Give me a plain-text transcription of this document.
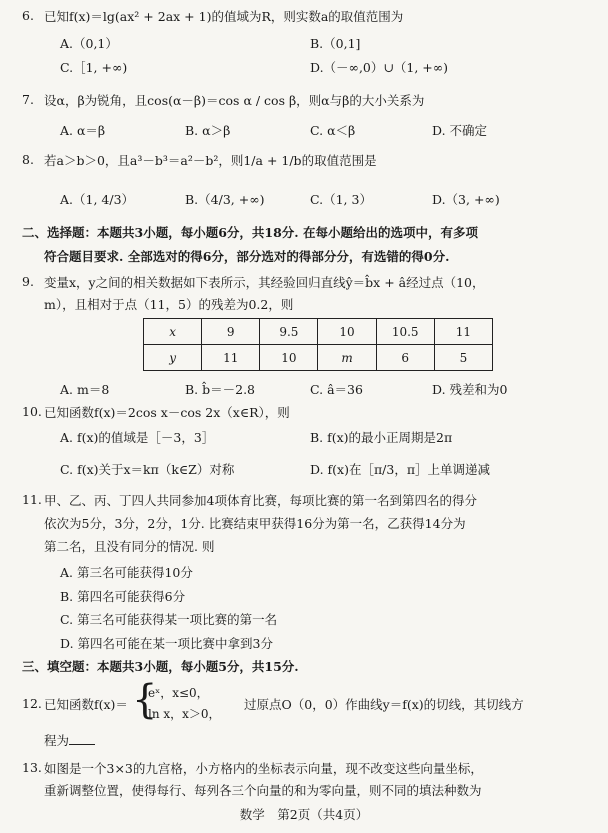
6. 已知f(x)＝lg(ax² + 2ax + 1)的值域为R，则实数a的取值范围为
A.（0,1）	B.（0,1]
C.［1, +∞)	D.（－∞,0）∪（1, +∞)
7. 设α，β为锐角，且cos(α－β)＝cos α / cos β，则α与β的大小关系为
A. α＝β	B. α＞β	C. α＜β	D. 不确定
8. 若a＞b＞0，且a³－b³＝a²－b²，则1/a + 1/b的取值范围是
A.（1, 4/3）	B.（4/3, +∞)	C.（1, 3）	D.（3, +∞)
二、选择题：本题共3小题，每小题6分，共18分. 在每小题给出的选项中，有多项
符合题目要求. 全部选对的得6分，部分选对的得部分分，有选错的得0分.
9. 变量x，y之间的相关数据如下表所示，其经验回归直线ŷ＝b̂x + â经过点（10，
m），且相对于点（11，5）的残差为0.2，则
x	9	9.5	10	10.5	11
y	11	10	m	6	5
A. m＝8	B. b̂＝－2.8	C. â＝36	D. 残差和为0
10. 已知函数f(x)＝2cos x－cos 2x（x∈R），则
A. f(x)的值域是［－3，3］	B. f(x)的最小正周期是2π
C. f(x)关于x＝kπ（k∈Z）对称	D. f(x)在［π/3，π］上单调递减
11. 甲、乙、丙、丁四人共同参加4项体育比赛，每项比赛的第一名到第四名的得分
依次为5分，3分，2分，1分. 比赛结束甲获得16分为第一名，乙获得14分为
第二名，且没有同分的情况. 则
A. 第三名可能获得10分
B. 第四名可能获得6分
C. 第三名可能获得某一项比赛的第一名
D. 第四名可能在某一项比赛中拿到3分
三、填空题：本题共3小题，每小题5分，共15分.
12. 已知函数f(x)＝ {
eˣ，x≤0，
ln x，x＞0，
过原点O（0，0）作曲线y＝f(x)的切线，其切线方
程为
13. 如图是一个3×3的九宫格，小方格内的坐标表示向量，现不改变这些向量坐标，
重新调整位置，使得每行、每列各三个向量的和为零向量，则不同的填法种数为
数学　第2页（共4页）
